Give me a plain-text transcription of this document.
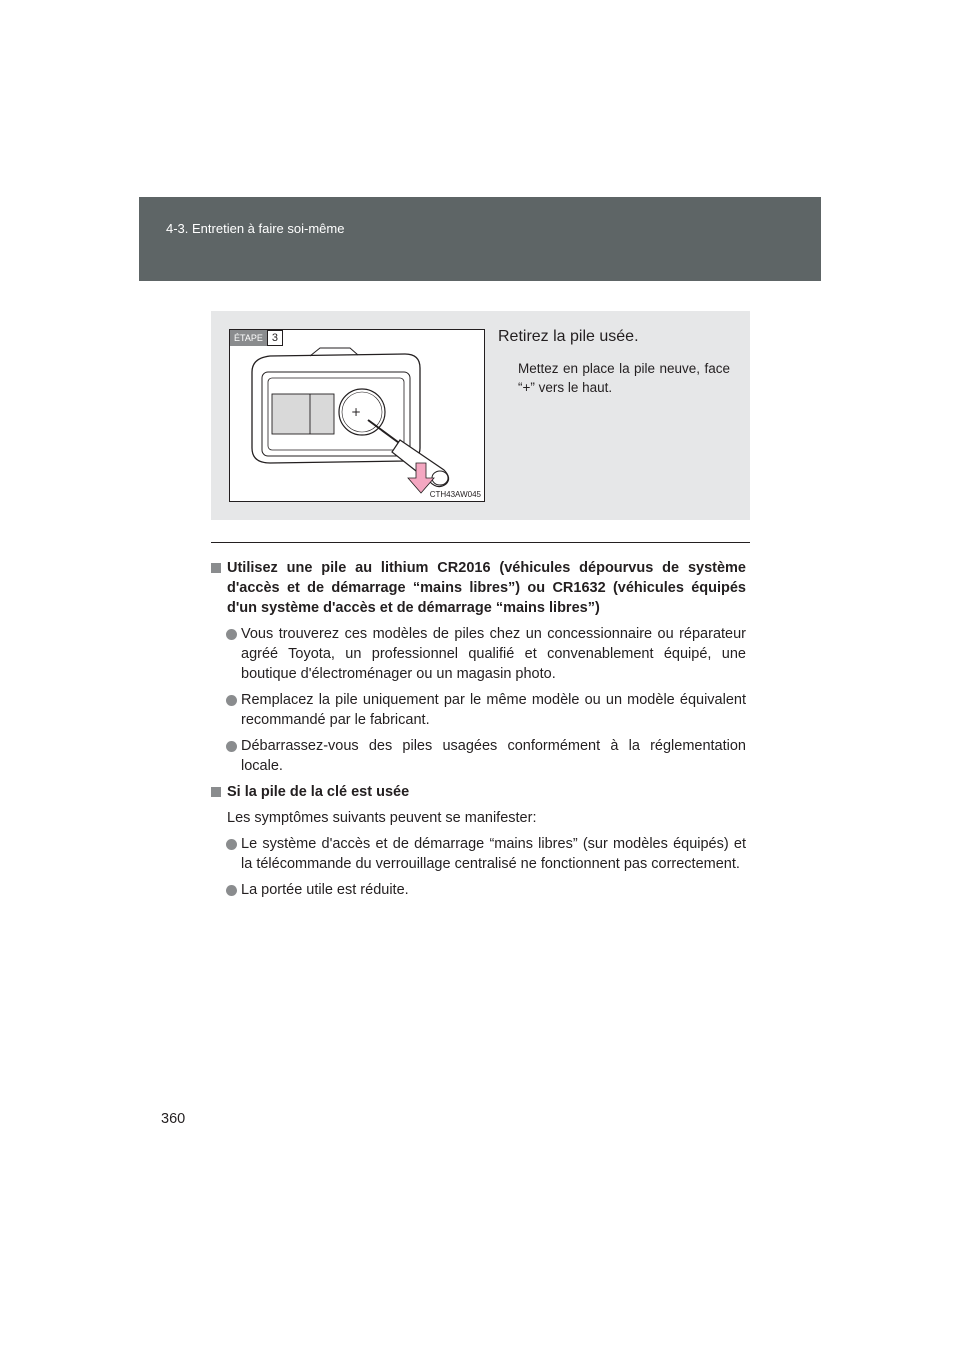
4-3. Entretien à faire soi-même
ÉTAPE 3
+
CTH43AW045
Retirez la pile usée.
Mettez en place la pile neuve, face “+” vers le haut.
Utilisez une pile au lithium CR2016 (véhicules dépourvus de système d'accès et de démarrage “mains libres”) ou CR1632 (véhicules équipés d'un système d'accès et de démarrage “mains libres”)
Vous trouverez ces modèles de piles chez un concessionnaire ou réparateur agréé Toyota, un professionnel qualifié et convenablement équipé, une boutique d'électroménager ou un magasin photo.
Remplacez la pile uniquement par le même modèle ou un modèle équivalent recommandé par le fabricant.
Débarrassez-vous des piles usagées conformément à la réglementation locale.
Si la pile de la clé est usée
Les symptômes suivants peuvent se manifester:
Le système d'accès et de démarrage “mains libres” (sur modèles équipés) et la télécommande du verrouillage centralisé ne fonctionnent pas correctement.
La portée utile est réduite.
360
